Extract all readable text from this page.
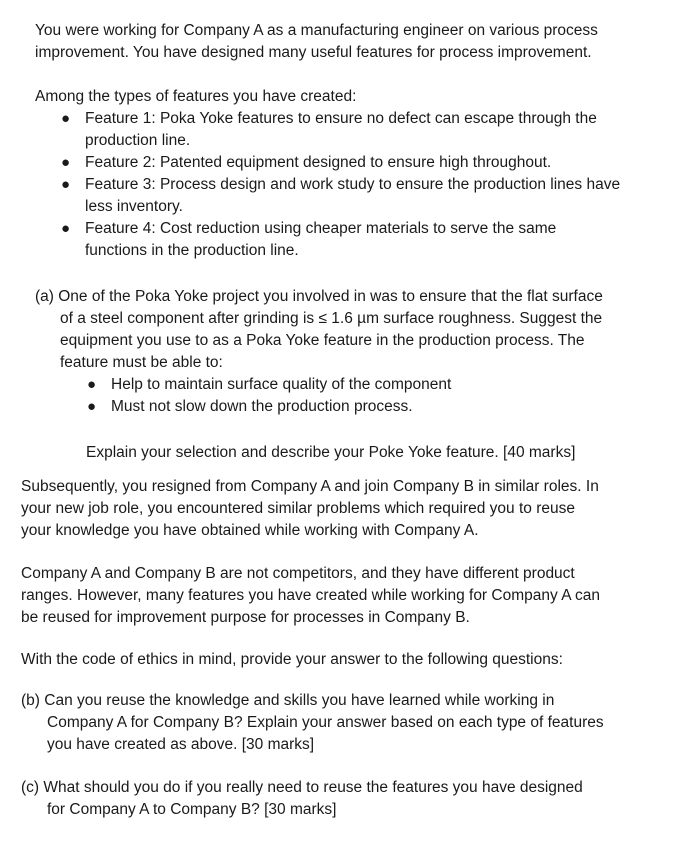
You were working for Company A as a manufacturing engineer on various process

improvement. You have designed many useful features for process improvement.

Among the types of features you have created:

● Feature 1: Poka Yoke features to ensure no defect can escape through the

production line.

● Feature 2: Patented equipment designed to ensure high throughout.

● Feature 3: Process design and work study to ensure the production lines have

less inventory.

● Feature 4: Cost reduction using cheaper materials to serve the same

functions in the production line.

(a) One of the Poka Yoke project you involved in was to ensure that the flat surface

of a steel component after grinding is ≤ 1.6 µm surface roughness. Suggest the

equipment you use to as a Poka Yoke feature in the production process. The

feature must be able to:

● Help to maintain surface quality of the component

● Must not slow down the production process.

Explain your selection and describe your Poke Yoke feature. [40 marks]

Subsequently, you resigned from Company A and join Company B in similar roles. In

your new job role, you encountered similar problems which required you to reuse

your knowledge you have obtained while working with Company A.

Company A and Company B are not competitors, and they have different product

ranges. However, many features you have created while working for Company A can

be reused for improvement purpose for processes in Company B.

With the code of ethics in mind, provide your answer to the following questions:

(b) Can you reuse the knowledge and skills you have learned while working in

Company A for Company B? Explain your answer based on each type of features

you have created as above. [30 marks]

(c) What should you do if you really need to reuse the features you have designed

for Company A to Company B? [30 marks]
